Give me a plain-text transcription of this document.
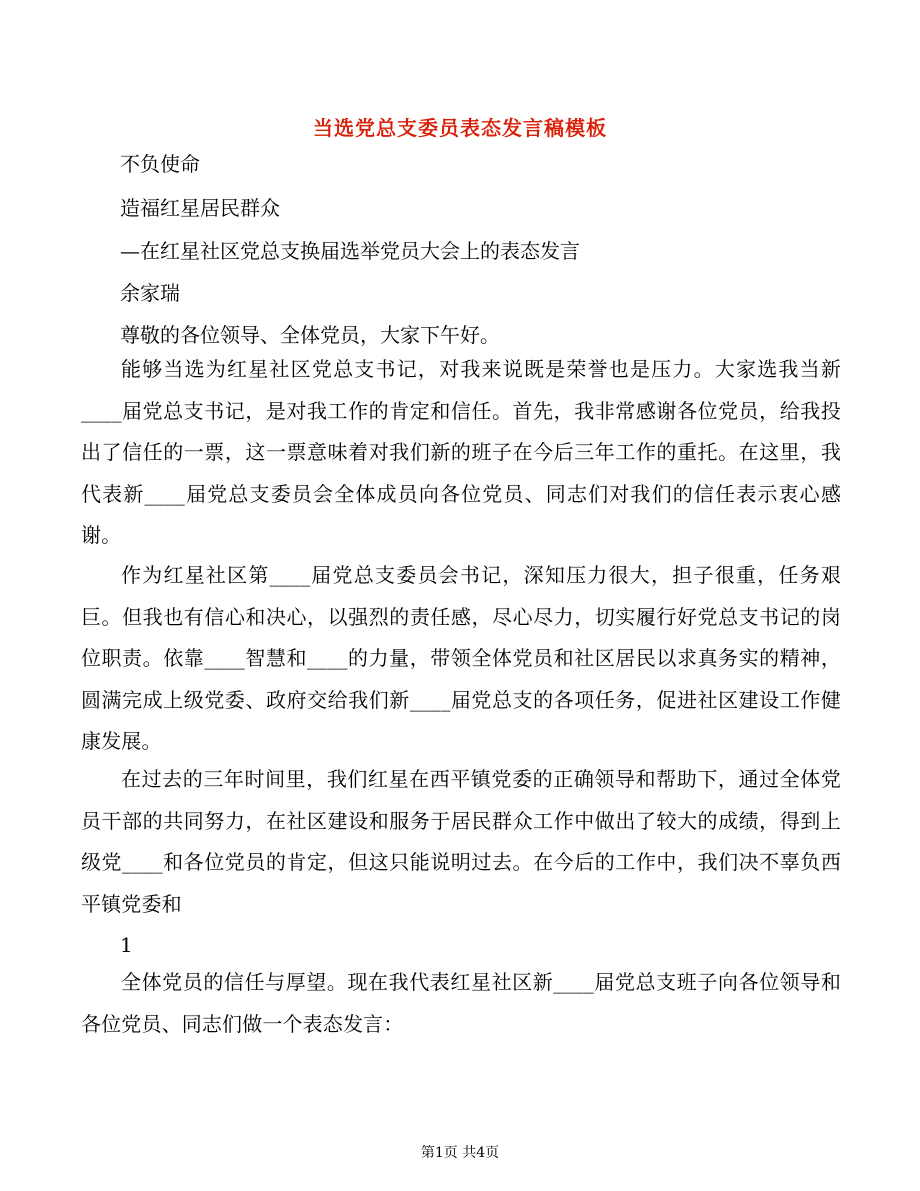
当选党总支委员表态发言稿模板
不负使命
造福红星居民群众
—在红星社区党总支换届选举党员大会上的表态发言
余家瑞
尊敬的各位领导、全体党员，大家下午好。
能够当选为红星社区党总支书记，对我来说既是荣誉也是压力。大家选我当新____届党总支书记，是对我工作的肯定和信任。首先，我非常感谢各位党员，给我投出了信任的一票，这一票意味着对我们新的班子在今后三年工作的重托。在这里，我代表新____届党总支委员会全体成员向各位党员、同志们对我们的信任表示衷心感谢。
作为红星社区第____届党总支委员会书记，深知压力很大，担子很重，任务艰巨。但我也有信心和决心，以强烈的责任感，尽心尽力，切实履行好党总支书记的岗位职责。依靠____智慧和____的力量，带领全体党员和社区居民以求真务实的精神，圆满完成上级党委、政府交给我们新____届党总支的各项任务，促进社区建设工作健康发展。
在过去的三年时间里，我们红星在西平镇党委的正确领导和帮助下，通过全体党员干部的共同努力，在社区建设和服务于居民群众工作中做出了较大的成绩，得到上级党____和各位党员的肯定，但这只能说明过去。在今后的工作中，我们决不辜负西平镇党委和
1
全体党员的信任与厚望。现在我代表红星社区新____届党总支班子向各位领导和各位党员、同志们做一个表态发言：
第1页 共4页
